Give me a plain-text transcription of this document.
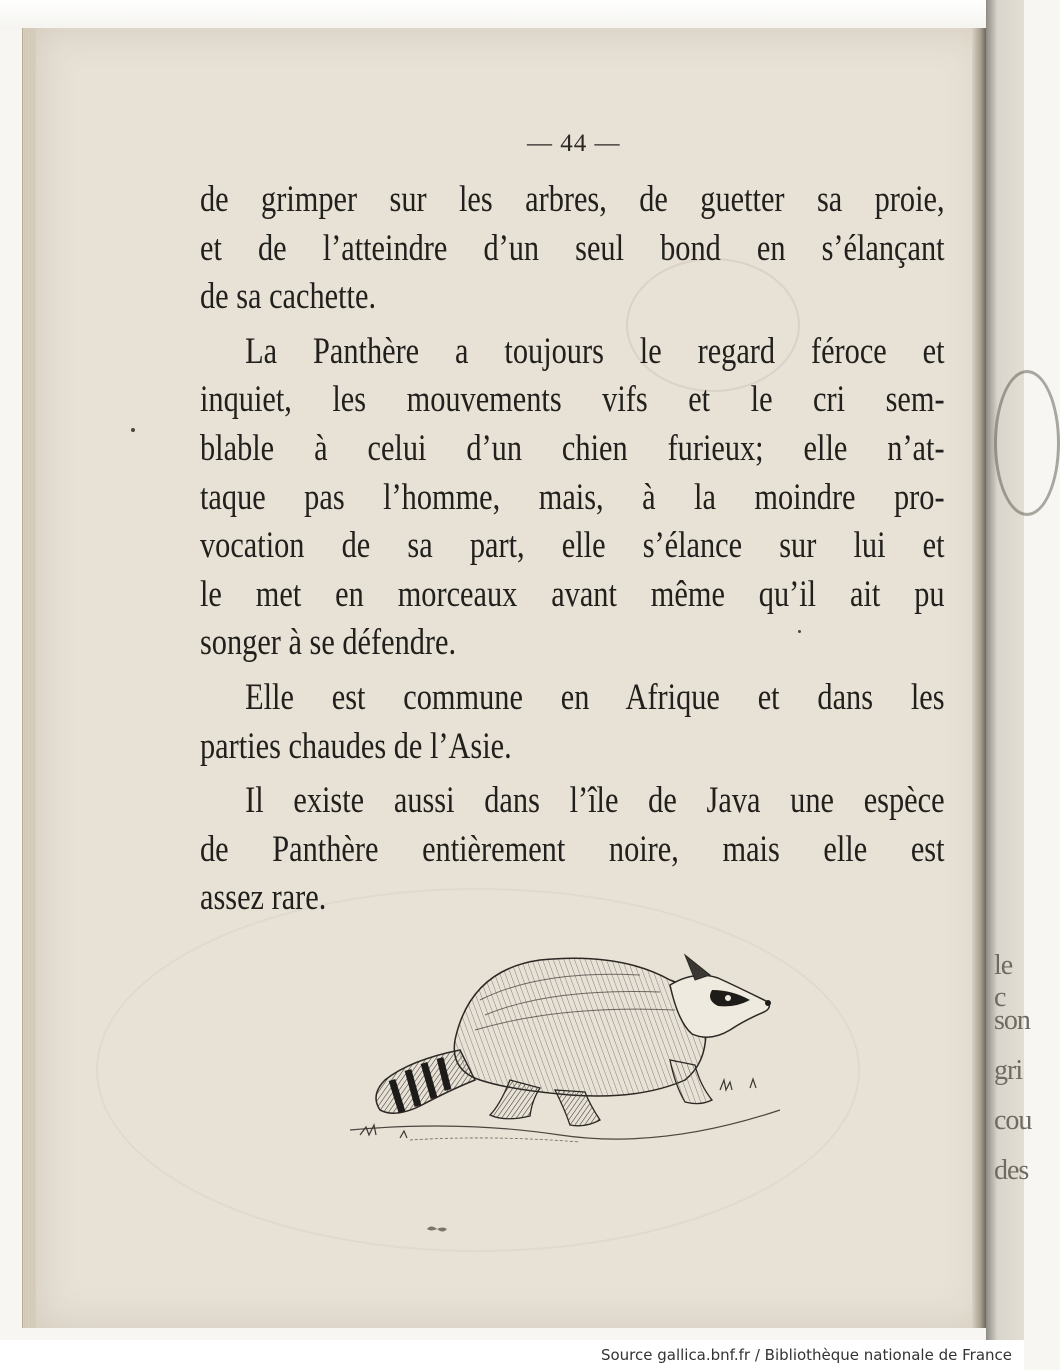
le c
son
gri
cou
des
— 44 —
de grimper sur les arbres, de guetter sa proie,
et de l’atteindre d’un seul bond en s’élançant
de sa cachette.
La Panthère a toujours le regard féroce et
inquiet, les mouvements vifs et le cri sem-
blable à celui d’un chien furieux; elle n’at-
taque pas l’homme, mais, à la moindre pro-
vocation de sa part, elle s’élance sur lui et
le met en morceaux avant même qu’il ait pu
songer à se défendre.
Elle est commune en Afrique et dans les
parties chaudes de l’Asie.
Il existe aussi dans l’île de Java une espèce
de Panthère entièrement noire, mais elle est
assez rare.
Source gallica.bnf.fr / Bibliothèque nationale de France
